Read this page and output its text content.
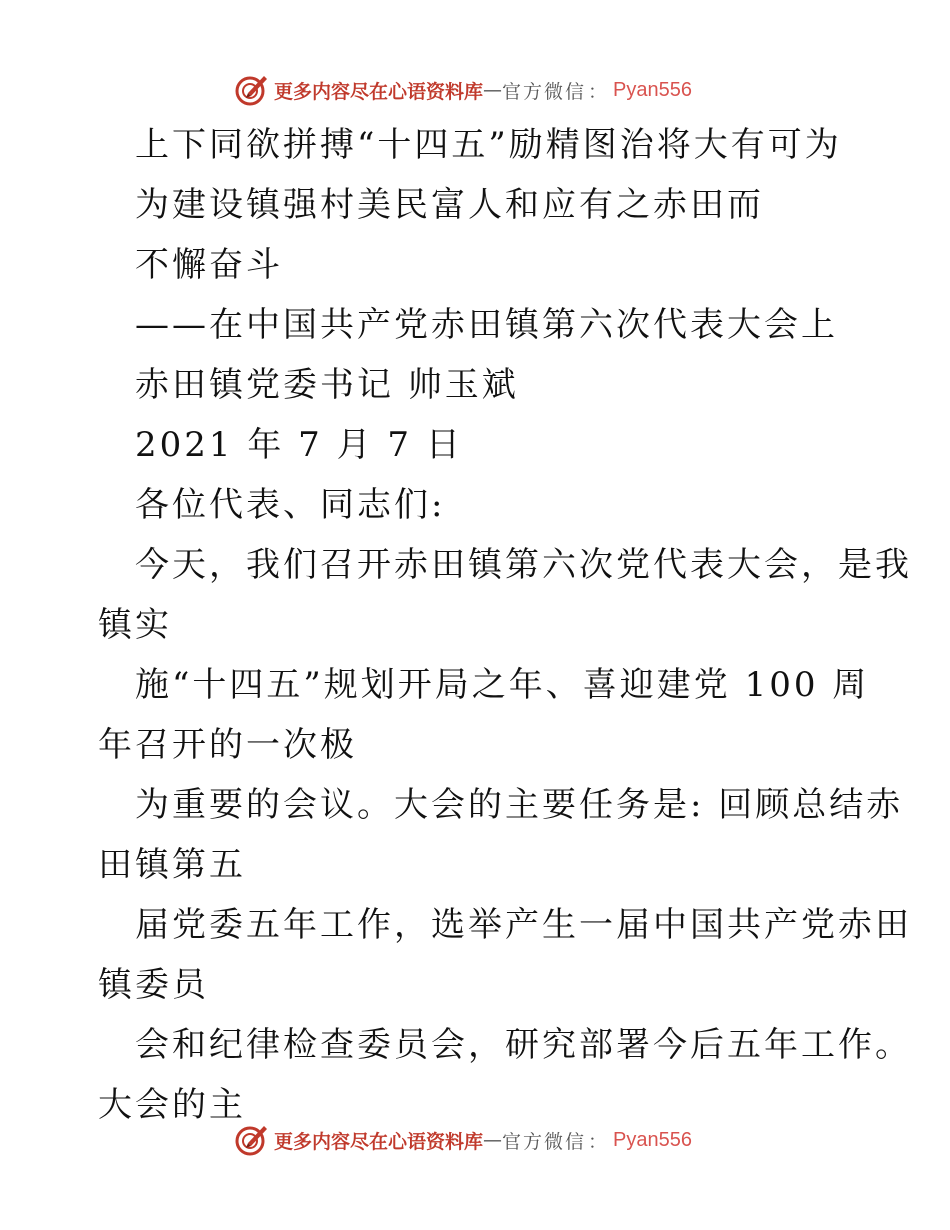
更多内容尽在心语资料库 — 官方微信 ： Pyan556
上下同欲拼搏“十四五”励精图治将大有可为
为建设镇强村美民富人和应有之赤田而
不懈奋斗
——在中国共产党赤田镇第六次代表大会上
赤田镇党委书记 帅玉斌
2021 年 7 月 7 日
各位代表、同志们:
今天，我们召开赤田镇第六次党代表大会，是我
镇实
施“十四五”规划开局之年、喜迎建党 100 周
年召开的一次极
为重要的会议。大会的主要任务是: 回顾总结赤
田镇第五
届党委五年工作，选举产生一届中国共产党赤田
镇委员
会和纪律检查委员会，研究部署今后五年工作。
大会的主
更多内容尽在心语资料库 — 官方微信 ： Pyan556
